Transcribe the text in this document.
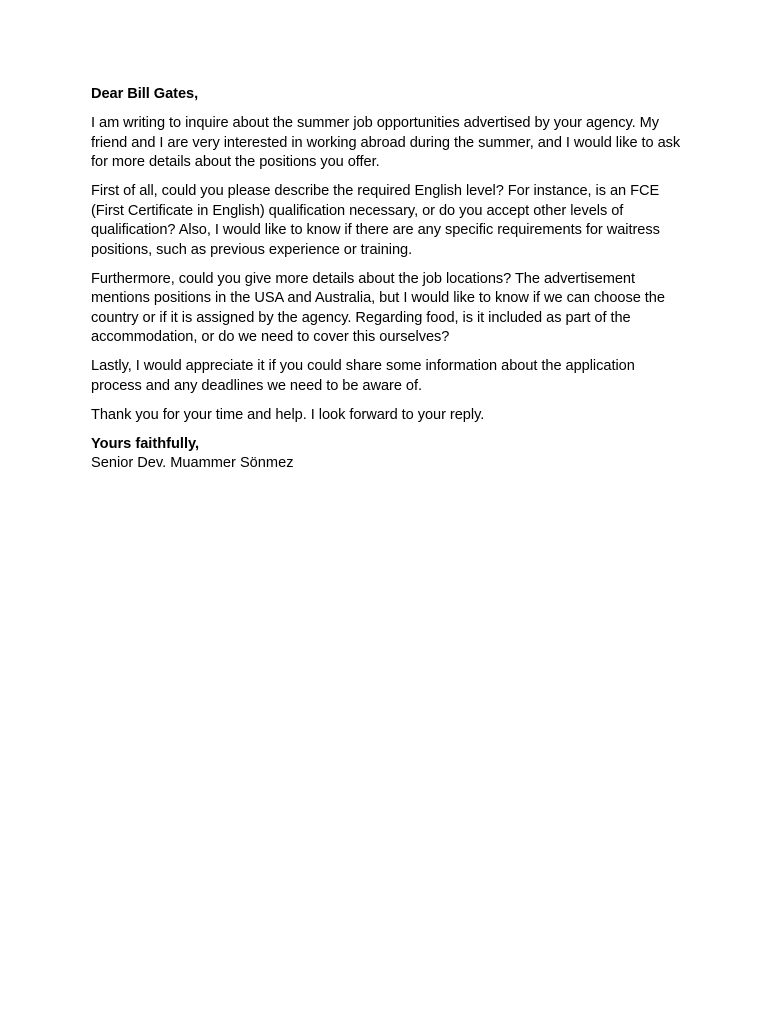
Dear Bill Gates,

I am writing to inquire about the summer job opportunities advertised by your agency. My friend and I are very interested in working abroad during the summer, and I would like to ask for more details about the positions you offer.

First of all, could you please describe the required English level? For instance, is an FCE (First Certificate in English) qualification necessary, or do you accept other levels of qualification? Also, I would like to know if there are any specific requirements for waitress positions, such as previous experience or training.

Furthermore, could you give more details about the job locations? The advertisement mentions positions in the USA and Australia, but I would like to know if we can choose the country or if it is assigned by the agency. Regarding food, is it included as part of the accommodation, or do we need to cover this ourselves?

Lastly, I would appreciate it if you could share some information about the application process and any deadlines we need to be aware of.

Thank you for your time and help. I look forward to your reply.

Yours faithfully,
Senior Dev. Muammer Sönmez
